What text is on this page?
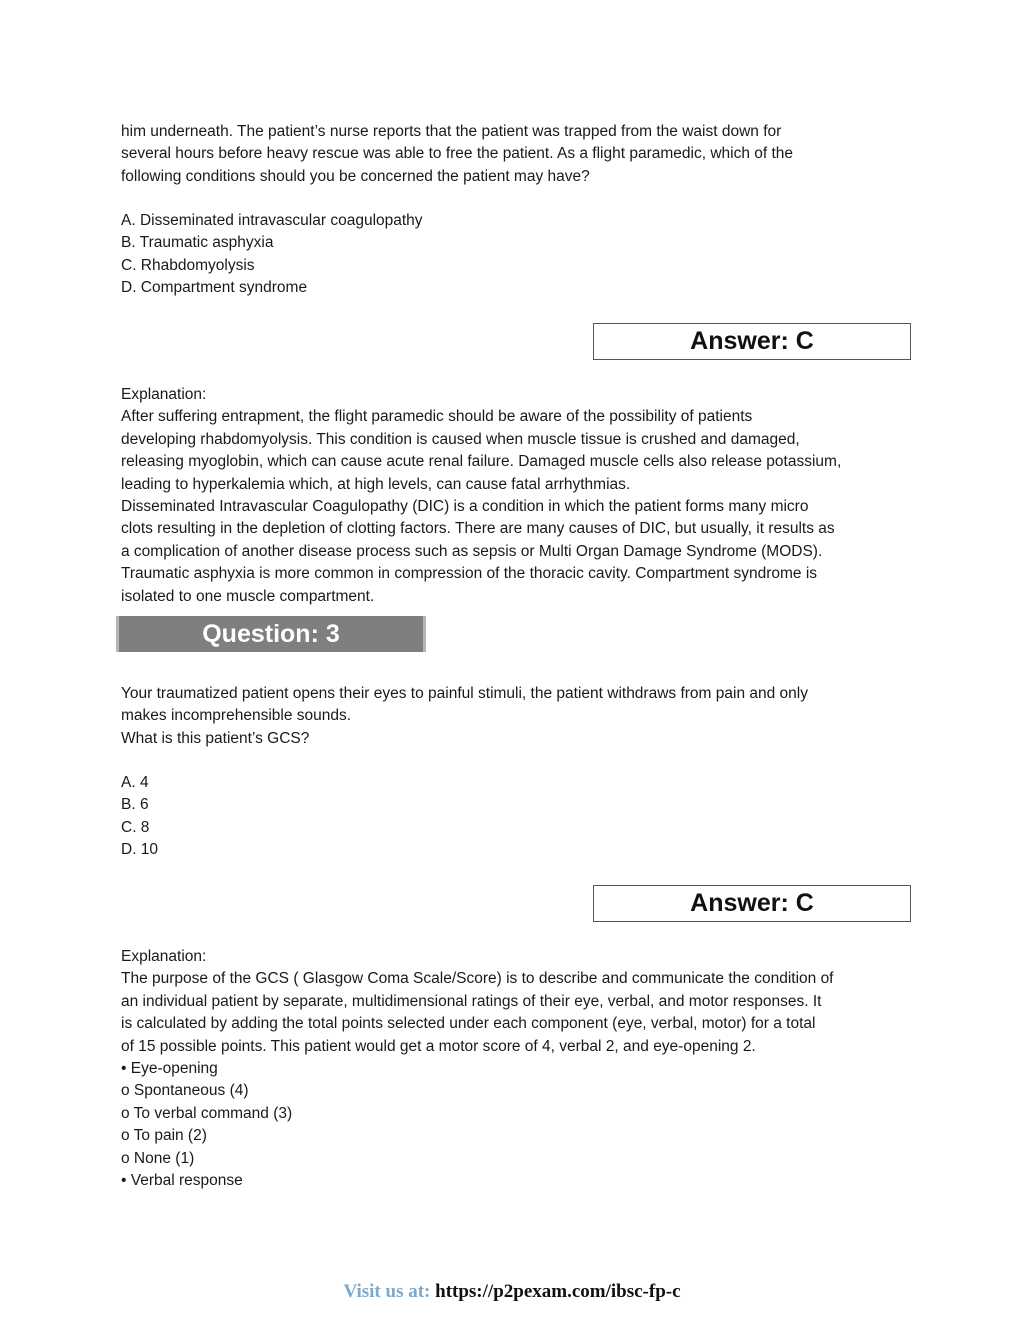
him underneath. The patient’s nurse reports that the patient was trapped from the waist down for
several hours before heavy rescue was able to free the patient. As a flight paramedic, which of the
following conditions should you be concerned the patient may have?
A. Disseminated intravascular coagulopathy
B. Traumatic asphyxia
C. Rhabdomyolysis
D. Compartment syndrome
Answer: C
Explanation:
After suffering entrapment, the flight paramedic should be aware of the possibility of patients
developing rhabdomyolysis. This condition is caused when muscle tissue is crushed and damaged,
releasing myoglobin, which can cause acute renal failure. Damaged muscle cells also release potassium,
leading to hyperkalemia which, at high levels, can cause fatal arrhythmias.
Disseminated Intravascular Coagulopathy (DIC) is a condition in which the patient forms many micro
clots resulting in the depletion of clotting factors. There are many causes of DIC, but usually, it results as
a complication of another disease process such as sepsis or Multi Organ Damage Syndrome (MODS).
Traumatic asphyxia is more common in compression of the thoracic cavity. Compartment syndrome is
isolated to one muscle compartment.
Question: 3
Your traumatized patient opens their eyes to painful stimuli, the patient withdraws from pain and only
makes incomprehensible sounds.
What is this patient’s GCS?
A. 4
B. 6
C. 8
D. 10
Answer: C
Explanation:
The purpose of the GCS ( Glasgow Coma Scale/Score) is to describe and communicate the condition of
an individual patient by separate, multidimensional ratings of their eye, verbal, and motor responses. It
is calculated by adding the total points selected under each component (eye, verbal, motor) for a total
of 15 possible points. This patient would get a motor score of 4, verbal 2, and eye-opening 2.
• Eye-opening
o Spontaneous (4)
o To verbal command (3)
o To pain (2)
o None (1)
• Verbal response
Visit us at: https://p2pexam.com/ibsc-fp-c
